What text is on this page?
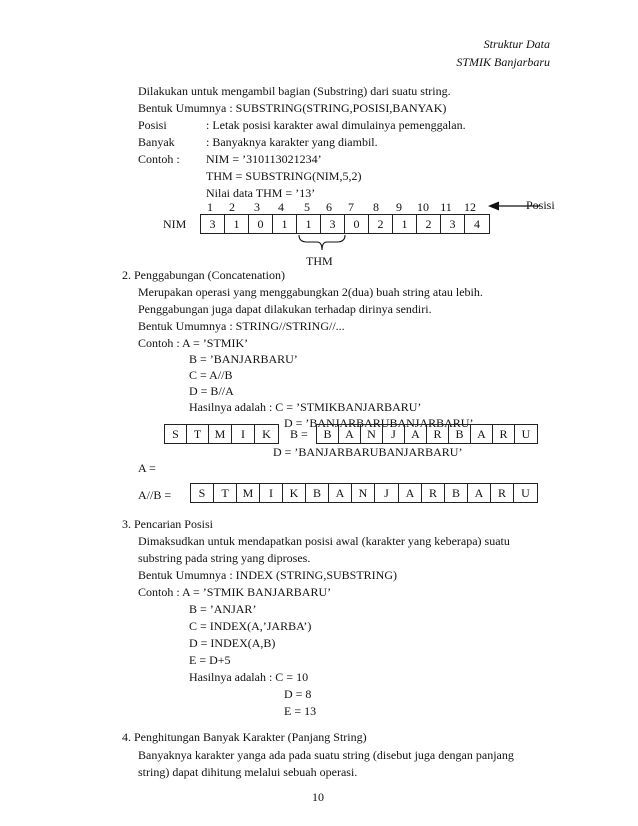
Struktur Data
STMIK Banjarbaru
Dilakukan untuk mengambil bagian (Substring) dari suatu string.
Bentuk Umumnya : SUBSTRING(STRING,POSISI,BANYAK)
Posisi	: Letak posisi karakter awal dimulainya pemenggalan.
Banyak	: Banyaknya karakter yang diambil.
Contoh : NIM = ’310113021234’
THM = SUBSTRING(NIM,5,2)
Nilai data THM = ’13’
1	2	3	4	5	6	7	8	9	10 11	12	Posisi
NIM	3	1	0	1	1	3	0	2	1	2	3	4
THM
2. Penggabungan (Concatenation)
Merupakan operasi yang menggabungkan 2(dua) buah string atau lebih.
Penggabungan juga dapat dilakukan terhadap dirinya sendiri.
Bentuk Umumnya : STRING//STRING//...
Contoh : A = ’STMIK’
B = ’BANJARBARU’
C = A//B
D = B//A
Hasilnya adalah : C = ’STMIKBANJARBARU’
D = ’BANJARBARUBANJARBARU’
S	T	M	I	K	B =	B	A	N	J	A	R	B	A	R	U
D = ’BANJARBARUBANJARBARU’
A =
A//B =	S	T	M	I	K	B	A	N	J	A	R	B	A	R	U
3. Pencarian Posisi
Dimaksudkan untuk mendapatkan posisi awal (karakter yang keberapa) suatu
substring pada string yang diproses.
Bentuk Umumnya : INDEX (STRING,SUBSTRING)
Contoh : A = ’STMIK BANJARBARU’
B = ’ANJAR’
C = INDEX(A,’JARBA’)
D = INDEX(A,B)
E = D+5
Hasilnya adalah : C = 10
D = 8
E = 13
4. Penghitungan Banyak Karakter (Panjang String)
Banyaknya karakter yanga ada pada suatu string (disebut juga dengan panjang
string) dapat dihitung melalui sebuah operasi.
10
